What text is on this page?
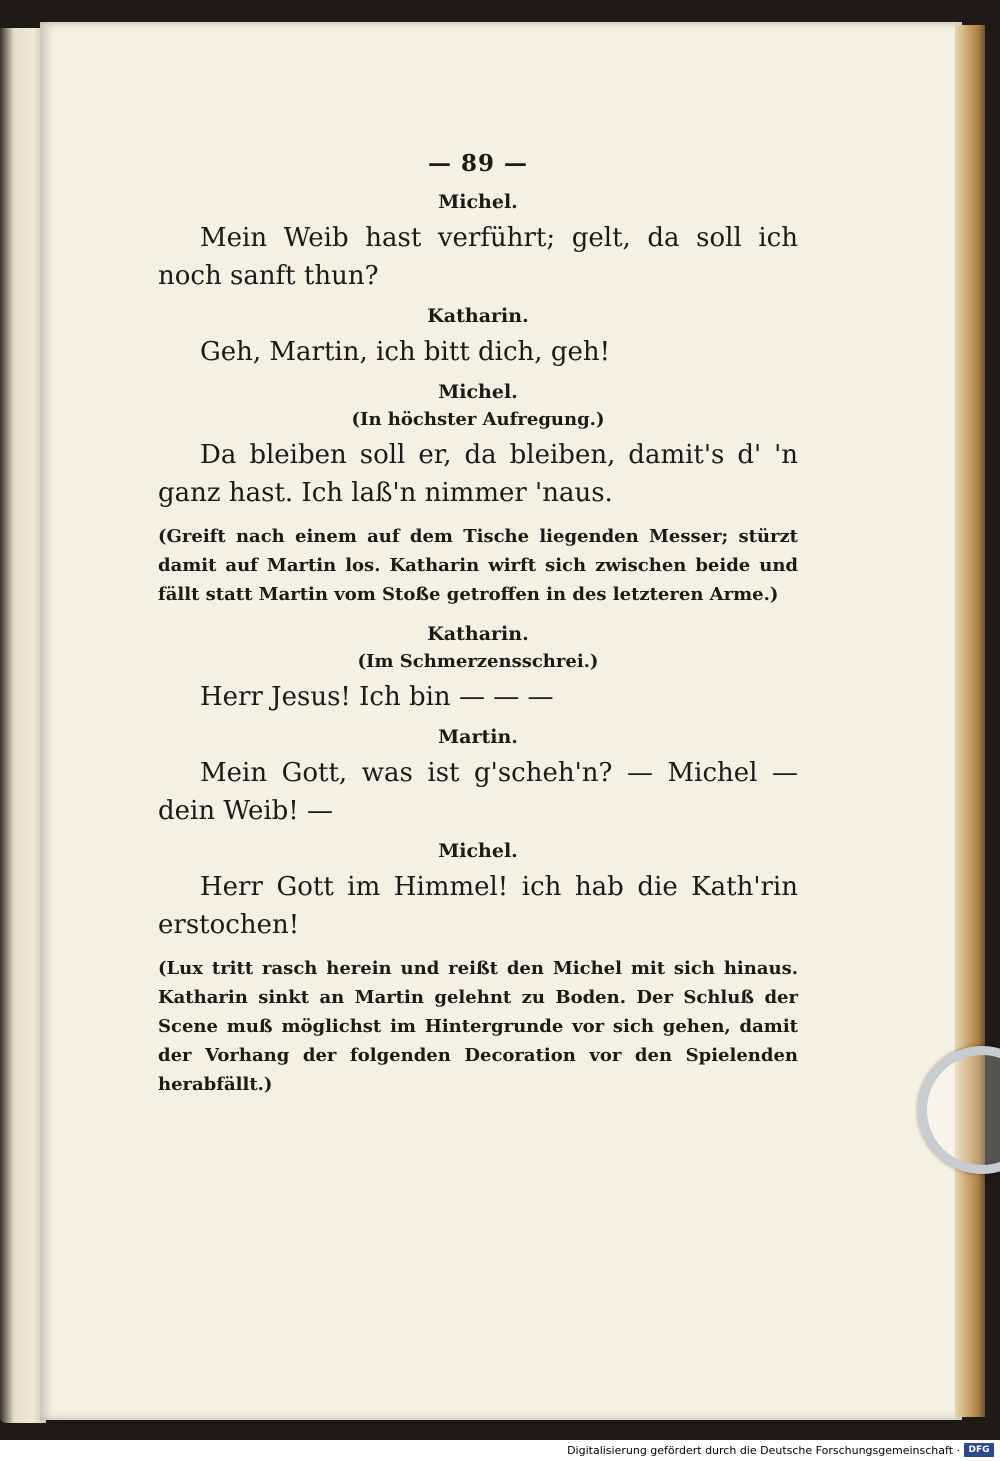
— 89 —
Michel.

Mein Weib hast verführt; gelt, da soll ich noch sanft thun?

Katharin.

Geh, Martin, ich bitt dich, geh!

Michel.
(In höchster Aufregung.)

Da bleiben soll er, da bleiben, damit's d' 'n ganz hast. Ich laß'n nimmer 'naus.

(Greift nach einem auf dem Tische liegenden Messer; stürzt damit auf Martin los. Katharin wirft sich zwischen beide und fällt statt Martin vom Stoße getroffen in des letzteren Arme.)

Katharin.
(Im Schmerzensschrei.)

Herr Jesus! Ich bin — — —

Martin.

Mein Gott, was ist g'scheh'n? — Michel — dein Weib! —

Michel.

Herr Gott im Himmel! ich hab die Kath'rin erstochen!

(Lux tritt rasch herein und reißt den Michel mit sich hinaus. Katharin sinkt an Martin gelehnt zu Boden. Der Schluß der Scene muß möglichst im Hintergrunde vor sich gehen, damit der Vorhang der folgenden Decoration vor den Spielenden herabfällt.)

Digitalisierung gefördert durch die Deutsche Forschungsgemeinschaft · DFG
